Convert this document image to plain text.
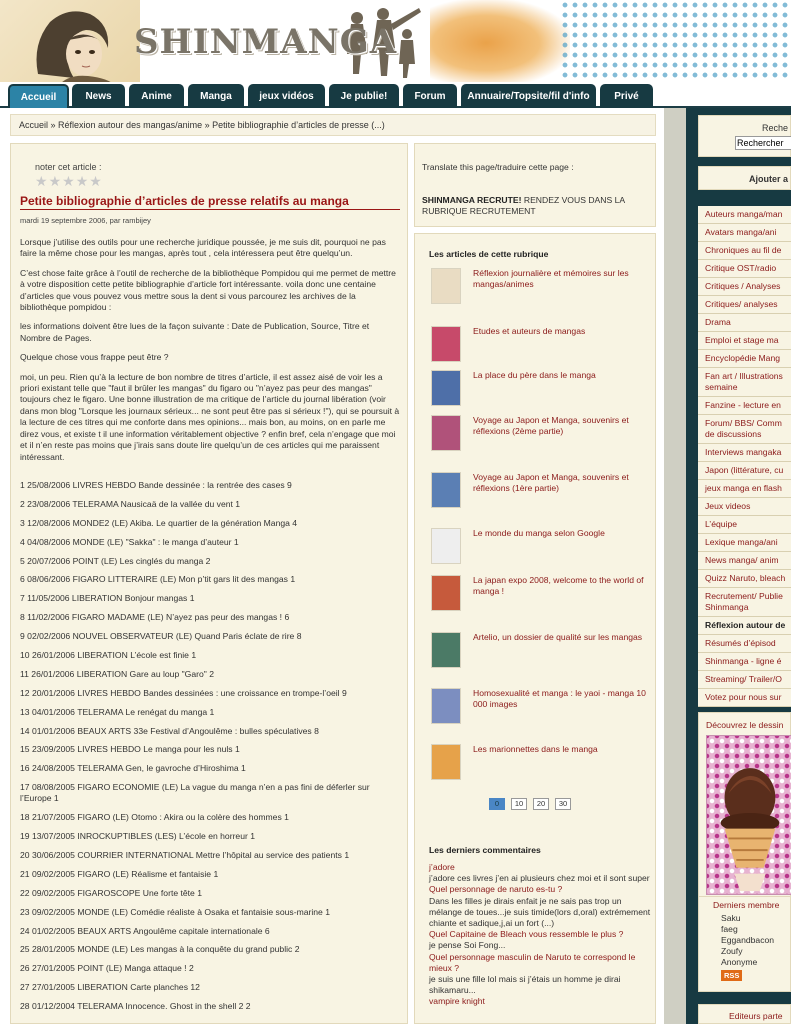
SHINMANGA
Accueil	News	Anime	Manga	jeux vidéos	Je publie!	Forum	Annuaire/Topsite/fil d'info	Privé
Accueil » Réflexion autour des mangas/anime » Petite bibliographie d’articles de presse (...)
noter cet article :
★ ★ ★ ★ ★
Petite bibliographie d’articles de presse relatifs au manga
mardi 19 septembre 2006, par rambijey

Lorsque j’utilise des outils pour une recherche juridique poussée, je me suis dit, pourquoi ne pas faire la même chose pour les mangas, après tout , cela intéressera peut être quelqu’un.

C’est chose faite grâce à l’outil de recherche de la bibliothèque Pompidou qui me permet de mettre à votre disposition cette petite bibliographie d’article fort intéressante. voila donc une centaine d’articles que vous pouvez vous mettre sous la dent si vous parcourez les archives de la bibliothèque pompidou :

les informations doivent être lues de la façon suivante : Date de Publication, Source, Titre et Nombre de Pages.

Quelque chose vous frappe peut être ?

moi, un peu. Rien qu’à la lecture de bon nombre de titres d’article, il est assez aisé de voir les a priori existant telle que "faut il brûler les mangas" du figaro ou "n’ayez pas peur des mangas" toujours chez le figaro. Une bonne illustration de ma critique de l’article du journal libération (voir dans mon blog "Lorsque les journaux sérieux... ne sont peut être pas si sérieux !"), qui se poursuit à la lecture de ces titres qui me conforte dans mes opinions... mais bon, au moins, on en parle me direz vous, et existe t il une information véritablement objective ? enfin bref, cela n’engage que moi et il n’en reste pas moins que j’irais sans doute lire quelqu’un de ces articles qui me paraissent intéressant.

1 25/08/2006 LIVRES HEBDO Bande dessinée : la rentrée des cases 9
2 23/08/2006 TELERAMA Nausicaä de la vallée du vent 1
3 12/08/2006 MONDE2 (LE) Akiba. Le quartier de la génération Manga 4
4 04/08/2006 MONDE (LE) "Sakka" : le manga d’auteur 1
5 20/07/2006 POINT (LE) Les cinglés du manga 2
6 08/06/2006 FIGARO LITTERAIRE (LE) Mon p’tit gars lit des mangas 1
7 11/05/2006 LIBERATION Bonjour mangas 1
8 11/02/2006 FIGARO MADAME (LE) N’ayez pas peur des mangas ! 6
9 02/02/2006 NOUVEL OBSERVATEUR (LE) Quand Paris éclate de rire 8
10 26/01/2006 LIBERATION L’école est finie 1
11 26/01/2006 LIBERATION Gare au loup "Garo" 2
12 20/01/2006 LIVRES HEBDO Bandes dessinées : une croissance en trompe-l’oeil 9
13 04/01/2006 TELERAMA Le renégat du manga 1
14 01/01/2006 BEAUX ARTS 33e Festival d’Angoulême : bulles spéculatives 8
15 23/09/2005 LIVRES HEBDO Le manga pour les nuls 1
16 24/08/2005 TELERAMA Gen, le gavroche d’Hiroshima 1
17 08/08/2005 FIGARO ECONOMIE (LE) La vague du manga n’en a pas fini de déferler sur l’Europe 1
18 21/07/2005 FIGARO (LE) Otomo : Akira ou la colère des hommes 1
19 13/07/2005 INROCKUPTIBLES (LES) L’école en horreur 1
20 30/06/2005 COURRIER INTERNATIONAL Mettre l’hôpital au service des patients 1
21 09/02/2005 FIGARO (LE) Réalisme et fantaisie 1
22 09/02/2005 FIGAROSCOPE Une forte tête 1
23 09/02/2005 MONDE (LE) Comédie réaliste à Osaka et fantaisie sous-marine 1
24 01/02/2005 BEAUX ARTS Angoulême capitale internationale 6
25 28/01/2005 MONDE (LE) Les mangas à la conquête du grand public 2
26 27/01/2005 POINT (LE) Manga attaque ! 2
27 27/01/2005 LIBERATION Carte planches 12
28 01/12/2004 TELERAMA Innocence. Ghost in the shell 2 2
Translate this page/traduire cette page :
SHINMANGA RECRUTE! RENDEZ VOUS DANS LA RUBRIQUE RECRUTEMENT
Les articles de cette rubrique
Réflexion journalière et mémoires sur les mangas/animes
Etudes et auteurs de mangas
La place du père dans le manga
Voyage au Japon et Manga, souvenirs et réflexions (2ème partie)
Voyage au Japon et Manga, souvenirs et réflexions (1ère partie)
Le monde du manga selon Google
La japan expo 2008, welcome to the world of manga !
Artelio, un dossier de qualité sur les mangas
Homosexualité et manga : le yaoi - manga 10 000 images
Les marionnettes dans le manga
0	10	20	30
Les derniers commentaires
j’adore
j’adore ces livres j’en ai plusieurs chez moi et il sont super
Quel personnage de naruto es-tu ?
Dans les filles je dirais enfait je ne sais pas trop un mélange de toues...je suis timide(lors d,oral) extrémement chiante et sadique,j,ai un fort (...)
Quel Capitaine de Bleach vous ressemble le plus ?
je pense Soi Fong...
Quel personnage masculin de Naruto te correspond le mieux ?
je suis une fille lol mais si j’étais un homme je dirai shikamaru...
vampire knight
Reche
Rechercher
Ajouter a
Auteurs manga/man
Avatars manga/ani
Chroniques au fil de
Critique OST/radio
Critiques / Analyses
Critiques/ analyses
Drama
Emploi et stage ma
Encyclopédie Mang
Fan art / Illustrations semaine
Fanzine - lecture en
Forum/ BBS/ Comm de discussions
Interviews mangaka
Japon (littérature, cu
jeux manga en flash
Jeux videos
L’équipe
Lexique manga/ani
News manga/ anim
Quizz Naruto, bleach
Recrutement/ Publie Shinmanga
Réflexion autour de
Résumés d’épisod
Shinmanga - ligne é
Streaming/ Trailer/O
Votez pour nous sur
Découvrez le dessin
Derniers membre
Saku
faeg
Eggandbacon
Zoufy
Anonyme
RSS
Editeurs parte
